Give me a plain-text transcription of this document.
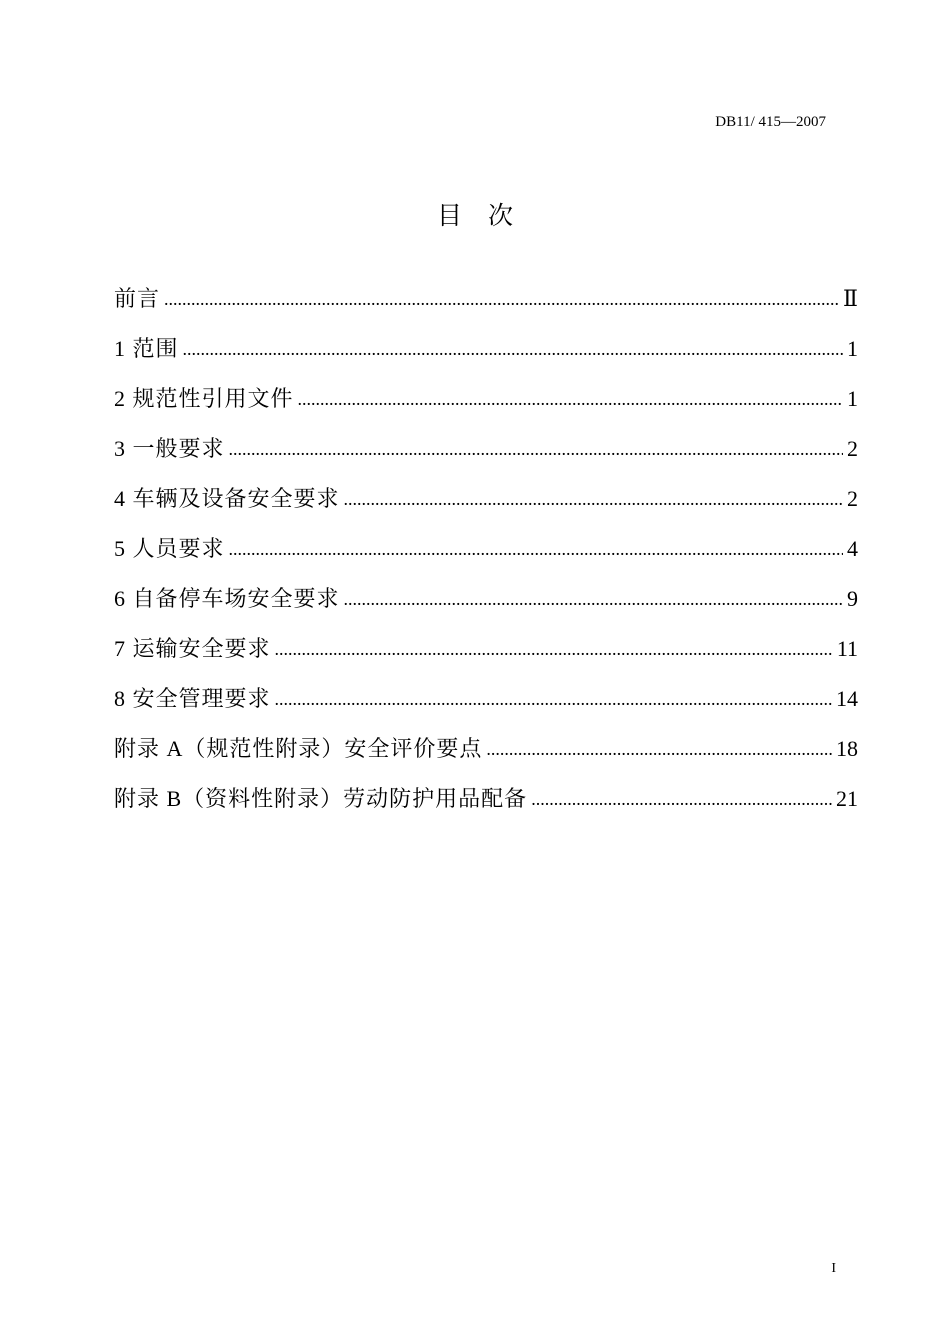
DB11/ 415—2007
目次
前言 .....	Ⅱ
1 范围 .....	1
2 规范性引用文件 .....	1
3 一般要求 .....	2
4 车辆及设备安全要求 .....	2
5 人员要求 .....	4
6 自备停车场安全要求 .....	9
7 运输安全要求 .....	11
8 安全管理要求 .....	14
附录 A（规范性附录）安全评价要点 .....	18
附录 B（资料性附录）劳动防护用品配备 .....	21
I
